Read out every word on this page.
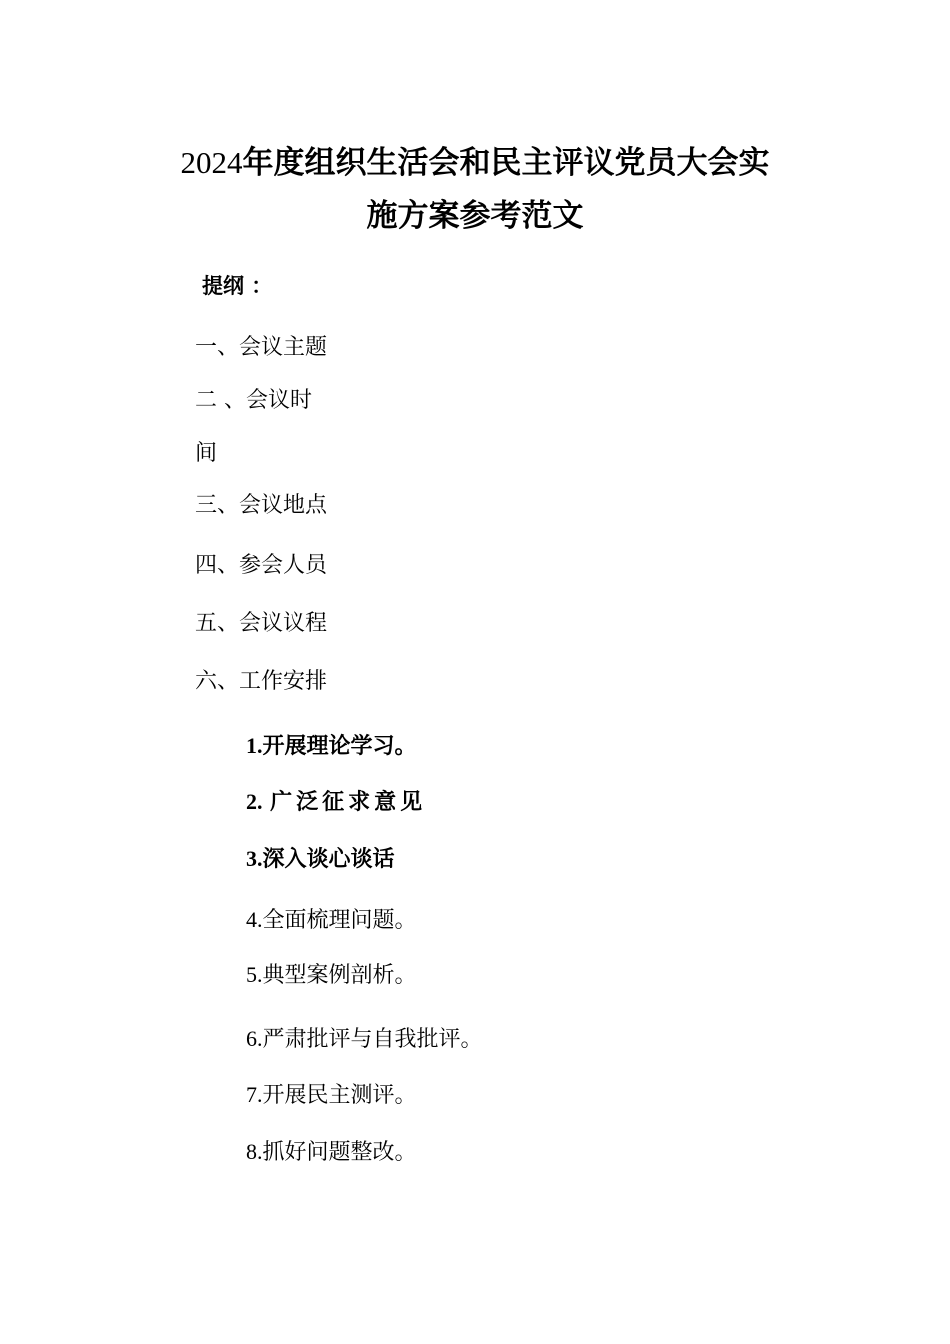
2024年度组织生活会和民主评议党员大会实
施方案参考范文
提纲 ：
一、会议主题
二 、会议时
间
三、会议地点
四、参会人员
五、会议议程
六、工作安排
1.开展理论学习。
2. 广泛征求意见
3.深入谈心谈话
4.全面梳理问题。
5.典型案例剖析。
6.严肃批评与自我批评。
7.开展民主测评。
8.抓好问题整改。
